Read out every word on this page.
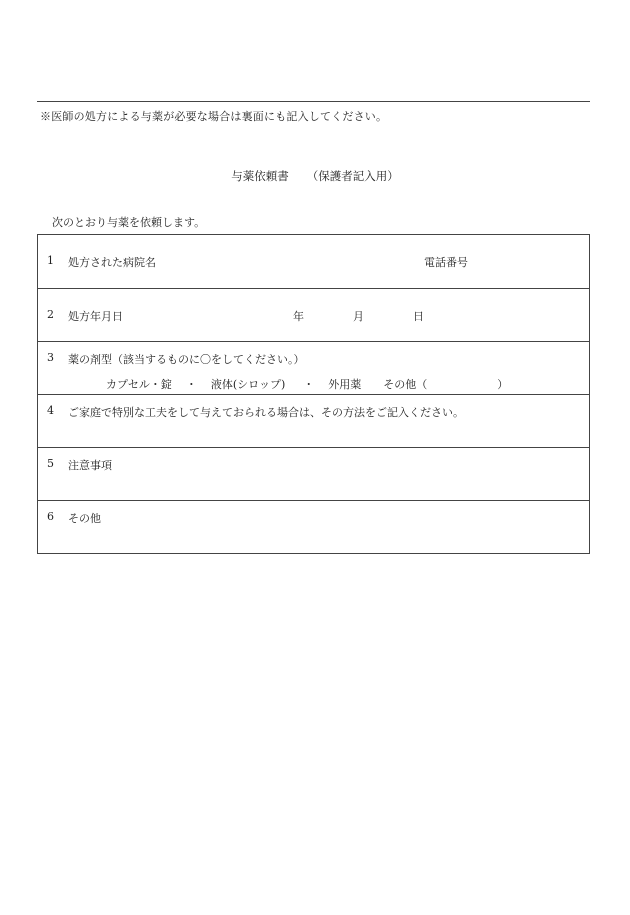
※医師の処方による与薬が必要な場合は裏面にも記入してください。
与薬依頼書 （保護者記入用）
次のとおり与薬を依頼します。
1 処方された病院名	電話番号
2 処方年月日	年	月	日
3 薬の剤型（該当するものに〇をしてください。）
カプセル・錠 ・ 液体(シロップ) ・ 外用薬 その他（	）
4 ご家庭で特別な工夫をして与えておられる場合は、その方法をご記入ください。
5 注意事項
6 その他
